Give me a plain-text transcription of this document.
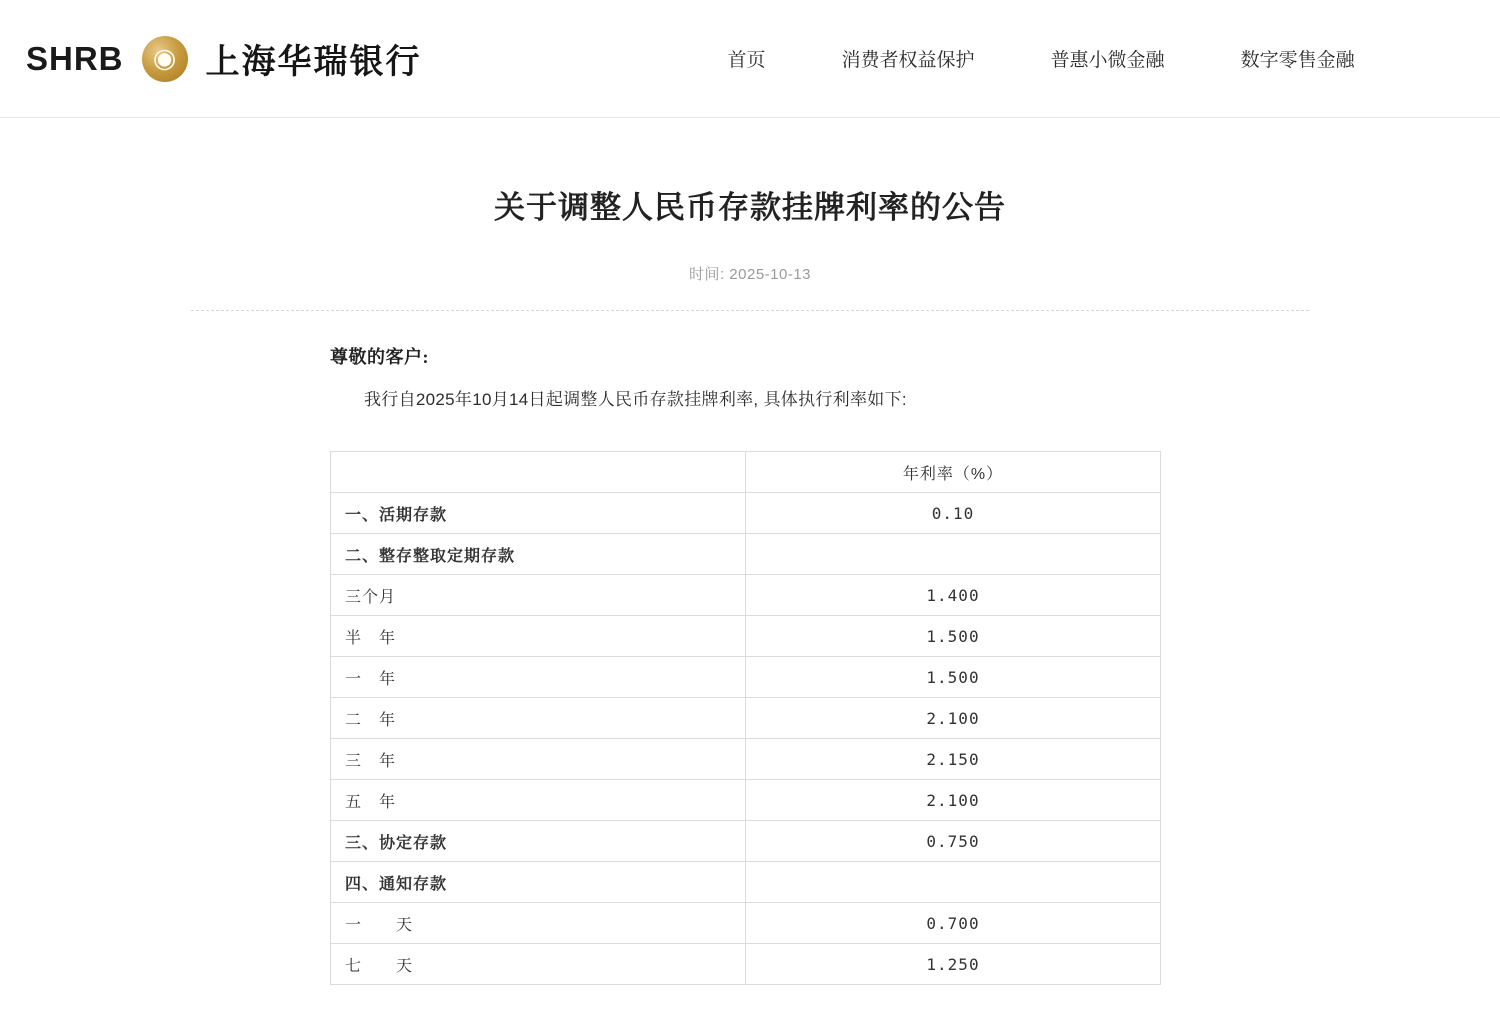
SHRB	◉ 上海华瑞银行	首页	消费者权益保护	普惠小微金融	数字零售金融
关于调整人民币存款挂牌利率的公告
时间: 2025-10-13
尊敬的客户:

我行自2025年10月14日起调整人民币存款挂牌利率, 具体执行利率如下:

	年利率（%）
一、活期存款	0.10
二、整存整取定期存款	
三个月	1.400
半　年	1.500
一　年	1.500
二　年	2.100
三　年	2.150
五　年	2.100
三、协定存款	0.750
四、通知存款	
一　　天	0.700
七　　天	1.250
